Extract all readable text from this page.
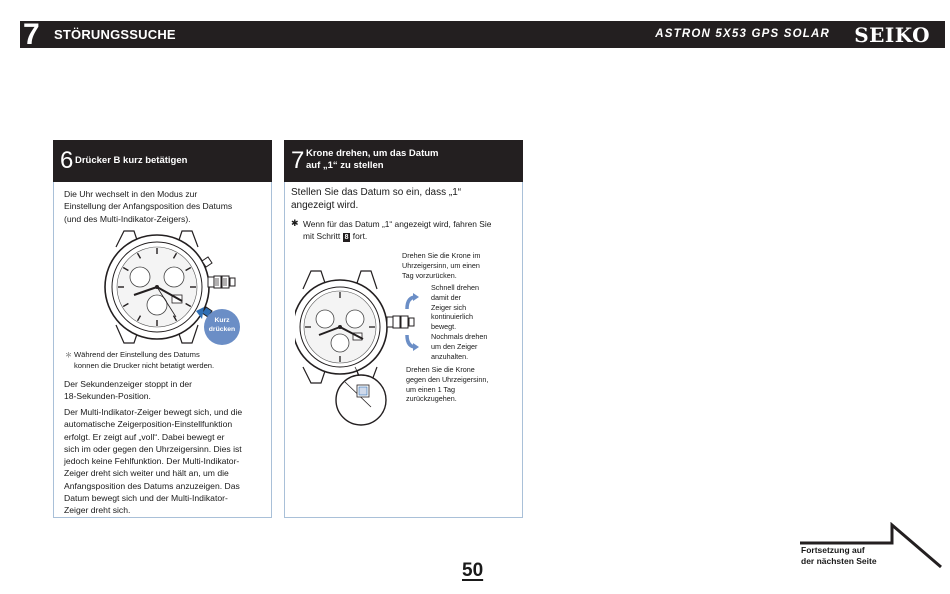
7 STÖRUNGSSUCHE	ASTRON 5X53 GPS SOLAR SEIKO
6 Drücker B kurz betätigen
Die Uhr wechselt in den Modus zur
Einstellung der Anfangsposition des Datums
(und des Multi-Indikator-Zeigers).
Kurz
drücken
＊ Während der Einstellung des Datums
konnen die Drucker nicht betatigt werden.
Der Sekundenzeiger stoppt in der
18-Sekunden-Position.
Der Multi-Indikator-Zeiger bewegt sich, und die
automatische Zeigerposition-Einstellfunktion
erfolgt. Er zeigt auf „voll“. Dabei bewegt er
sich im oder gegen den Uhrzeigersinn. Dies ist
jedoch keine Fehlfunktion. Der Multi-Indikator-
Zeiger dreht sich weiter und hält an, um die
Anfangsposition des Datums anzuzeigen. Das
Datum bewegt sich und der Multi-Indikator-
Zeiger dreht sich.
7 Krone drehen, um das Datum
auf „1“ zu stellen
Stellen Sie das Datum so ein, dass „1“
angezeigt wird.
✱ Wenn für das Datum „1“ angezeigt wird, fahren Sie
mit Schritt 8 fort.
Drehen Sie die Krone im
Uhrzeigersinn, um einen
Tag vorzurücken.
Schnell drehen
damit der
Zeiger sich
kontinuierlich
bewegt.
Nochmals drehen
um den Zeiger
anzuhalten.
Drehen Sie die Krone
gegen den Uhrzeigersinn,
um einen 1 Tag
zurückzugehen.
Fortsetzung auf
der nächsten Seite
50
